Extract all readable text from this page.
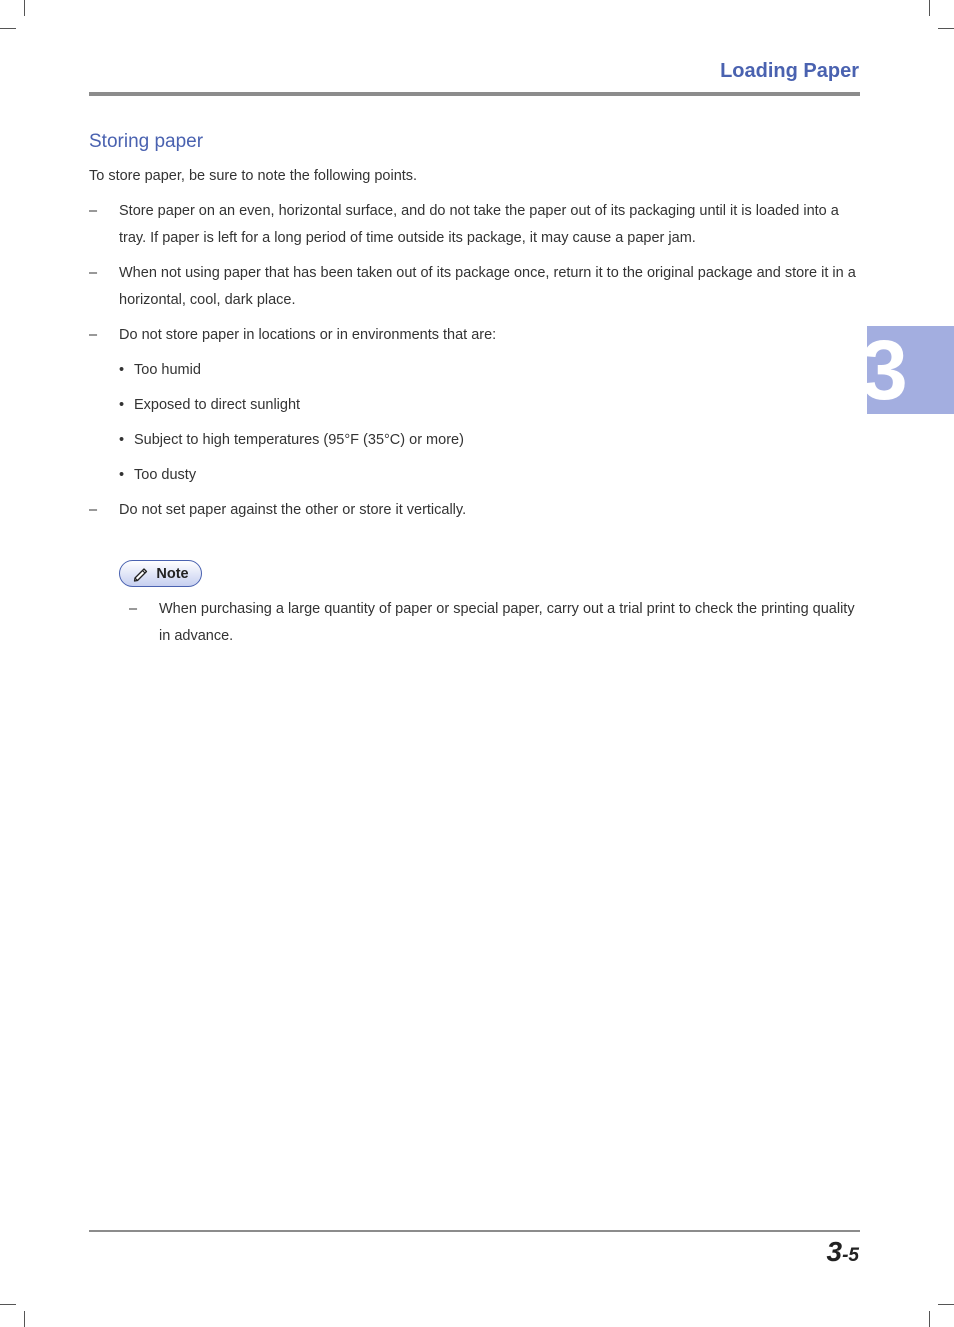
Loading Paper
Storing paper
To store paper, be sure to note the following points.
– Store paper on an even, horizontal surface, and do not take the paper out of its packaging until it is loaded into a tray. If paper is left for a long period of time outside its package, it may cause a paper jam.
– When not using paper that has been taken out of its package once, return it to the original package and store it in a horizontal, cool, dark place.
– Do not store paper in locations or in environments that are:
• Too humid
• Exposed to direct sunlight
• Subject to high temperatures (95°F (35°C) or more)
• Too dusty
– Do not set paper against the other or store it vertically.
3
Note
– When purchasing a large quantity of paper or special paper, carry out a trial print to check the printing quality in advance.
3-5
